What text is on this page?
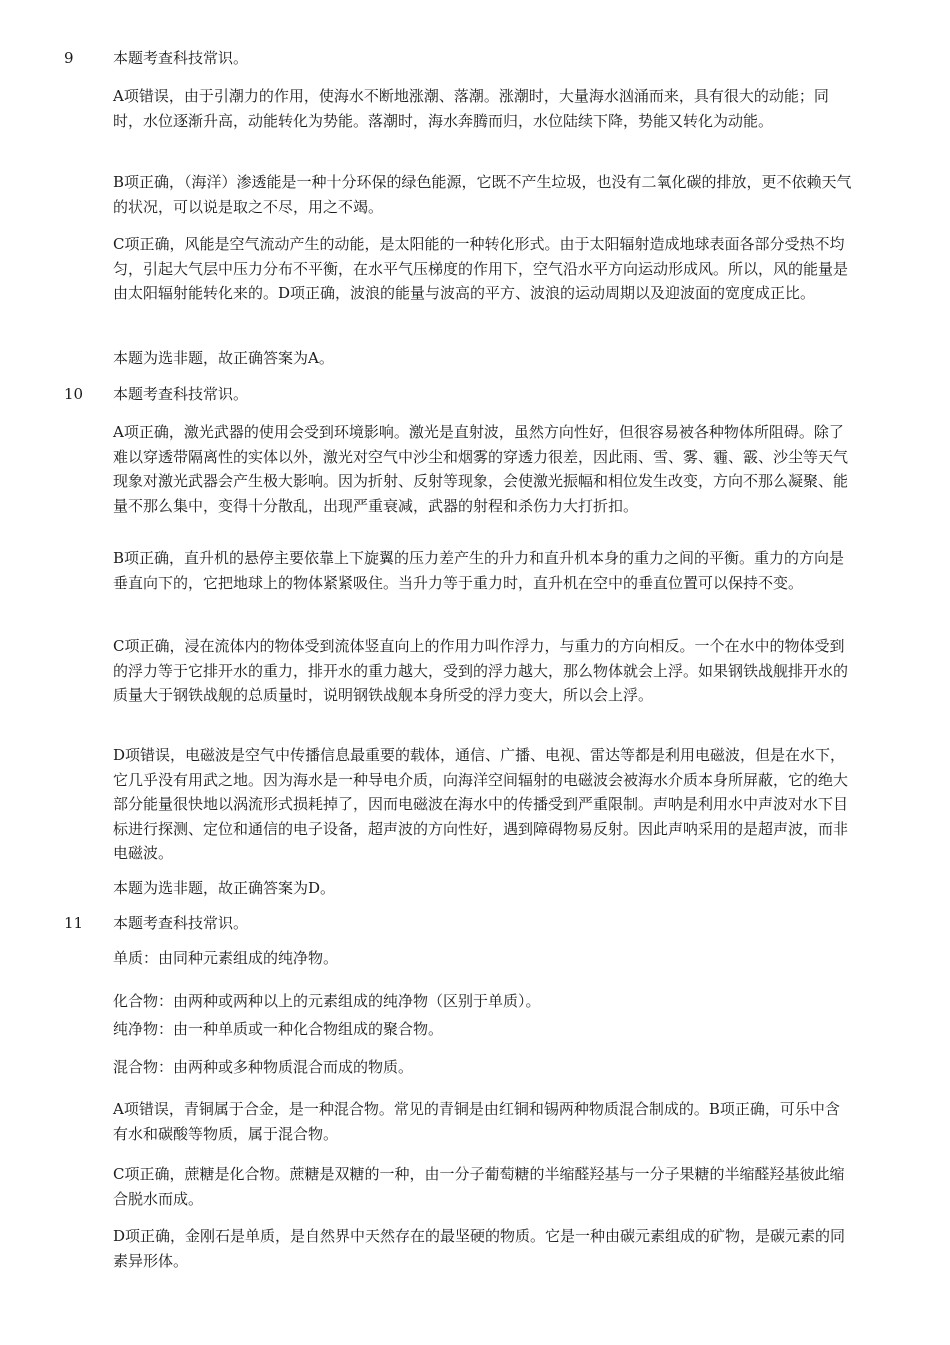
9	本题考查科技常识。

A项错误，由于引潮力的作用，使海水不断地涨潮、落潮。涨潮时，大量海水汹涌而来，具有很大的动能；同时，水位逐渐升高，动能转化为势能。落潮时，海水奔腾而归，水位陆续下降，势能又转化为动能。

B项正确，（海洋）渗透能是一种十分环保的绿色能源，它既不产生垃圾，也没有二氧化碳的排放，更不依赖天气的状况，可以说是取之不尽，用之不竭。

C项正确，风能是空气流动产生的动能，是太阳能的一种转化形式。由于太阳辐射造成地球表面各部分受热不均匀，引起大气层中压力分布不平衡，在水平气压梯度的作用下，空气沿水平方向运动形成风。所以，风的能量是由太阳辐射能转化来的。D项正确，波浪的能量与波高的平方、波浪的运动周期以及迎波面的宽度成正比。

本题为选非题，故正确答案为A。

10 本题考查科技常识。

A项正确，激光武器的使用会受到环境影响。激光是直射波，虽然方向性好，但很容易被各种物体所阻碍。除了难以穿透带隔离性的实体以外，激光对空气中沙尘和烟雾的穿透力很差，因此雨、雪、雾、霾、霰、沙尘等天气现象对激光武器会产生极大影响。因为折射、反射等现象，会使激光振幅和相位发生改变，方向不那么凝聚、能量不那么集中，变得十分散乱，出现严重衰减，武器的射程和杀伤力大打折扣。

B项正确，直升机的悬停主要依靠上下旋翼的压力差产生的升力和直升机本身的重力之间的平衡。重力的方向是垂直向下的，它把地球上的物体紧紧吸住。当升力等于重力时，直升机在空中的垂直位置可以保持不变。

C项正确，浸在流体内的物体受到流体竖直向上的作用力叫作浮力，与重力的方向相反。一个在水中的物体受到的浮力等于它排开水的重力，排开水的重力越大，受到的浮力越大，那么物体就会上浮。如果钢铁战舰排开水的质量大于钢铁战舰的总质量时，说明钢铁战舰本身所受的浮力变大，所以会上浮。

D项错误，电磁波是空气中传播信息最重要的载体，通信、广播、电视、雷达等都是利用电磁波，但是在水下，它几乎没有用武之地。因为海水是一种导电介质，向海洋空间辐射的电磁波会被海水介质本身所屏蔽，它的绝大部分能量很快地以涡流形式损耗掉了，因而电磁波在海水中的传播受到严重限制。声呐是利用水中声波对水下目标进行探测、定位和通信的电子设备，超声波的方向性好，遇到障碍物易反射。因此声呐采用的是超声波，而非电磁波。

本题为选非题，故正确答案为D。

11 本题考查科技常识。

单质：由同种元素组成的纯净物。

化合物：由两种或两种以上的元素组成的纯净物（区别于单质）。

纯净物：由一种单质或一种化合物组成的聚合物。

混合物：由两种或多种物质混合而成的物质。

A项错误，青铜属于合金，是一种混合物。常见的青铜是由红铜和锡两种物质混合制成的。B项正确，可乐中含有水和碳酸等物质，属于混合物。

C项正确，蔗糖是化合物。蔗糖是双糖的一种，由一分子葡萄糖的半缩醛羟基与一分子果糖的半缩醛羟基彼此缩合脱水而成。

D项正确，金刚石是单质，是自然界中天然存在的最坚硬的物质。它是一种由碳元素组成的矿物，是碳元素的同素异形体。
